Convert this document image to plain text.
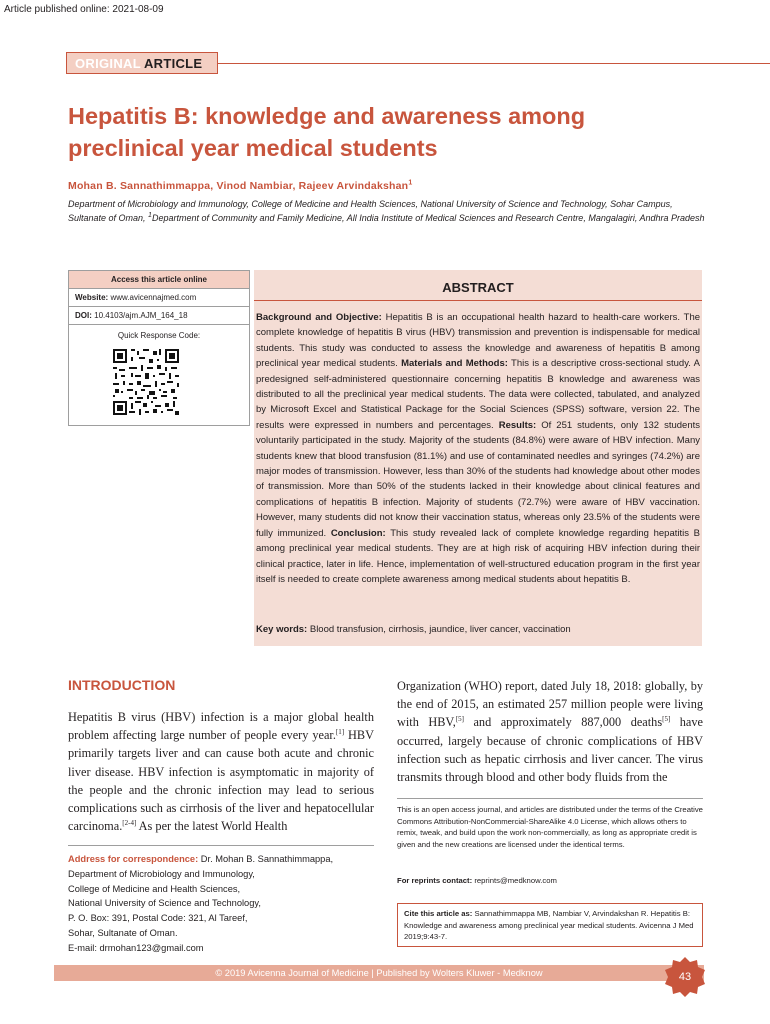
Article published online: 2021-08-09
ORIGINAL ARTICLE
Hepatitis B: knowledge and awareness among preclinical year medical students
Mohan B. Sannathimmappa, Vinod Nambiar, Rajeev Arvindakshan$^1$
Department of Microbiology and Immunology, College of Medicine and Health Sciences, National University of Science and Technology, Sohar Campus, Sultanate of Oman, $^1$Department of Community and Family Medicine, All India Institute of Medical Sciences and Research Centre, Mangalagiri, Andhra Pradesh
Access this article online
Website: www.avicennajmed.com
DOI: 10.4103/ajm.AJM_164_18
Quick Response Code:
ABSTRACT
Background and Objective: Hepatitis B is an occupational health hazard to health-care workers. The complete knowledge of hepatitis B virus (HBV) transmission and prevention is indispensable for medical students. This study was conducted to assess the knowledge and awareness of hepatitis B among preclinical year medical students. Materials and Methods: This is a descriptive cross-sectional study. A predesigned self-administered questionnaire concerning hepatitis B knowledge and awareness was distributed to all the preclinical year medical students. The data were collected, tabulated, and analyzed by Microsoft Excel and Statistical Package for the Social Sciences (SPSS) software, version 22. The results were expressed in numbers and percentages. Results: Of 251 students, only 132 students voluntarily participated in the study. Majority of the students (84.8%) were aware of HBV infection. Many students knew that blood transfusion (81.1%) and use of contaminated needles and syringes (74.2%) are major modes of transmission. However, less than 30% of the students had knowledge about other modes of transmission. More than 50% of the students lacked in their knowledge about clinical features and complications of hepatitis B infection. Majority of students (72.7%) were aware of HBV vaccination. However, many students did not know their vaccination status, whereas only 23.5% of the students were fully immunized. Conclusion: This study revealed lack of complete knowledge regarding hepatitis B among preclinical year medical students. They are at high risk of acquiring HBV infection during their clinical practice, later in life. Hence, implementation of well-structured education program in the first year itself is needed to create complete awareness among medical students about hepatitis B.
Key words: Blood transfusion, cirrhosis, jaundice, liver cancer, vaccination
INTRODUCTION
Hepatitis B virus (HBV) infection is a major global health problem affecting large number of people every year.[1] HBV primarily targets liver and can cause both acute and chronic liver disease. HBV infection is asymptomatic in majority of the people and the chronic infection may lead to serious complications such as cirrhosis of the liver and hepatocellular carcinoma.[2-4] As per the latest World Health
Organization (WHO) report, dated July 18, 2018: globally, by the end of 2015, an estimated 257 million people were living with HBV,[5] and approximately 887,000 deaths[5] have occurred, largely because of chronic complications of HBV infection such as hepatic cirrhosis and liver cancer. The virus transmits through blood and other body fluids from the
This is an open access journal, and articles are distributed under the terms of the Creative Commons Attribution-NonCommercial-ShareAlike 4.0 License, which allows others to remix, tweak, and build upon the work non-commercially, as long as appropriate credit is given and the new creations are licensed under the identical terms.
For reprints contact: reprints@medknow.com
Cite this article as: Sannathimmappa MB, Nambiar V, Arvindakshan R. Hepatitis B: Knowledge and awareness among preclinical year medical students. Avicenna J Med 2019;9:43-7.
Address for correspondence: Dr. Mohan B. Sannathimmappa,
Department of Microbiology and Immunology,
College of Medicine and Health Sciences,
National University of Science and Technology,
P. O. Box: 391, Postal Code: 321, Al Tareef,
Sohar, Sultanate of Oman.
E-mail: drmohan123@gmail.com
© 2019 Avicenna Journal of Medicine | Published by Wolters Kluwer - Medknow	43
